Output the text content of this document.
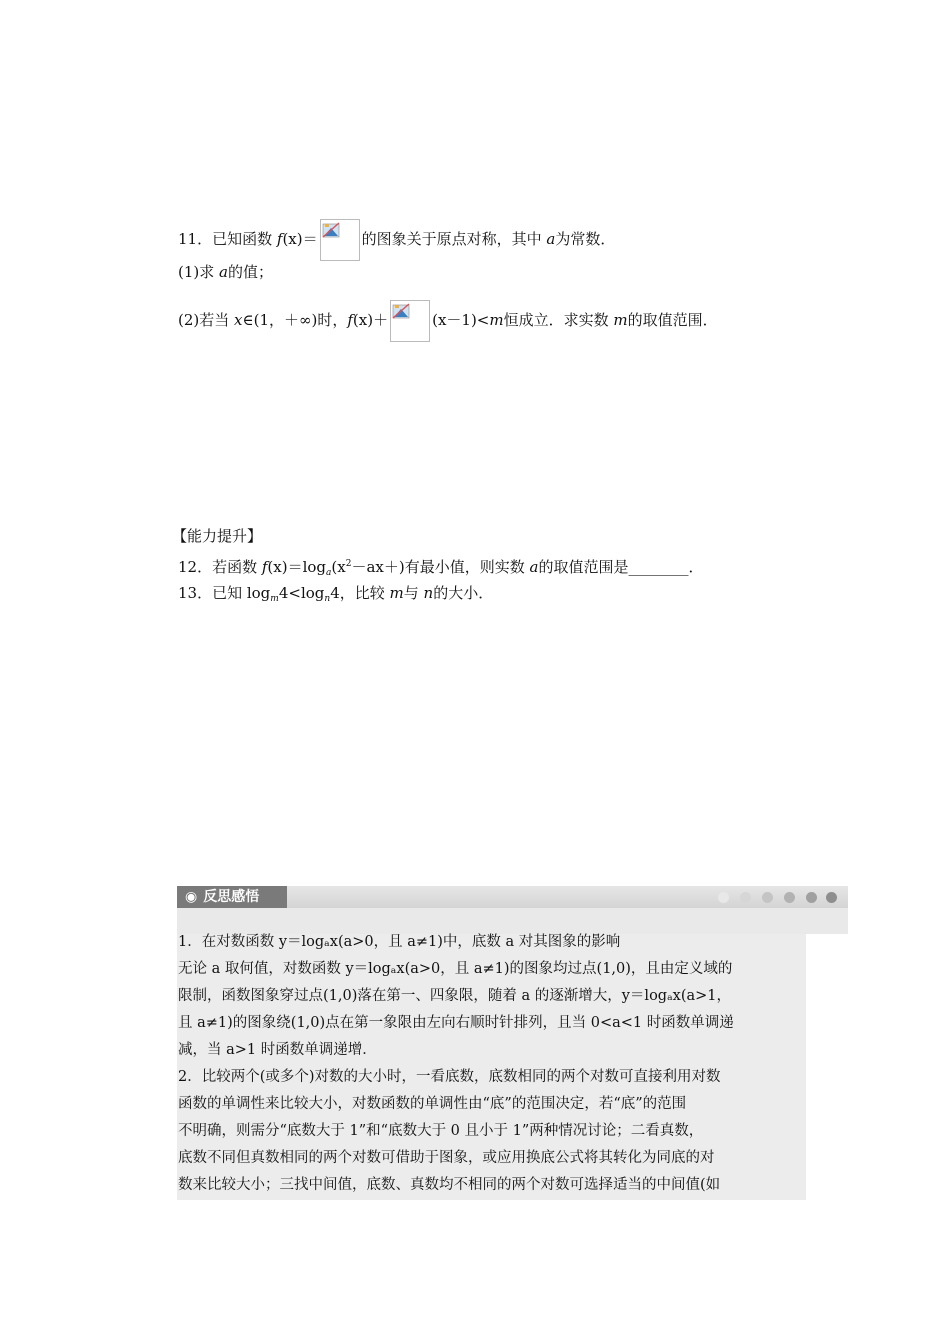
11．已知函数 f(x)＝	的图象关于原点对称，其中 a为常数．
(1)求 a的值；
(2)若当 x∈(1，＋∞)时，f(x)＋	(x－1)<m恒成立．求实数 m的取值范围．
【能力提升】
12．若函数 $f(x)=\log_a(x^2-ax+)$有最小值，则实数 a的取值范围是________．
13．已知 $\log_m4<\log_n4$，比较 m与 n的大小．
◉ 反思感悟
1．在对数函数 y＝logₐx(a>0，且 a≠1)中，底数 a 对其图象的影响
无论 a 取何值，对数函数 y＝logₐx(a>0，且 a≠1)的图象均过点(1,0)，且由定义域的
限制，函数图象穿过点(1,0)落在第一、四象限，随着 a 的逐渐增大，y＝logₐx(a>1，
且 a≠1)的图象绕(1,0)点在第一象限由左向右顺时针排列，且当 0<a<1 时函数单调递
减，当 a>1 时函数单调递增．
2．比较两个(或多个)对数的大小时，一看底数，底数相同的两个对数可直接利用对数
函数的单调性来比较大小，对数函数的单调性由“底”的范围决定，若“底”的范围
不明确，则需分“底数大于 1”和“底数大于 0 且小于 1”两种情况讨论；二看真数，
底数不同但真数相同的两个对数可借助于图象，或应用换底公式将其转化为同底的对
数来比较大小；三找中间值，底数、真数均不相同的两个对数可选择适当的中间值(如
